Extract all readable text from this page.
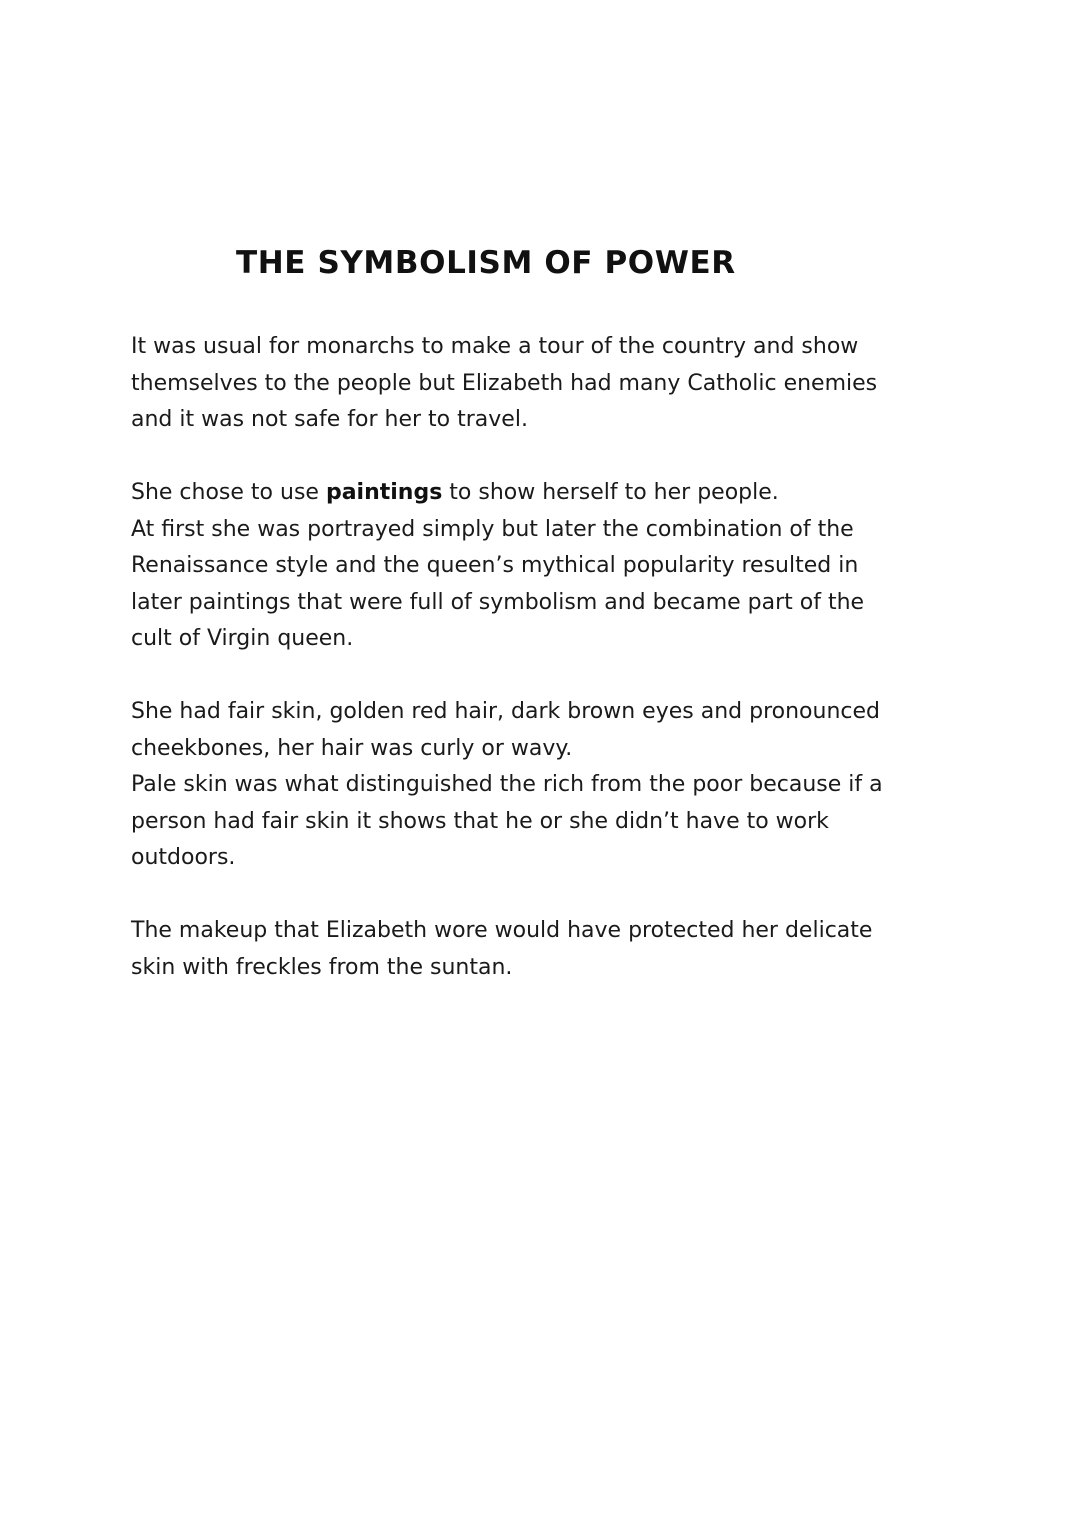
THE SYMBOLISM OF POWER

It was usual for monarchs to make a tour of the country and show
themselves to the people but Elizabeth had many Catholic enemies
and it was not safe for her to travel.

She chose to use paintings to show herself to her people.
At first she was portrayed simply but later the combination of the
Renaissance style and the queen’s mythical popularity resulted in
later paintings that were full of symbolism and became part of the
cult of Virgin queen.

She had fair skin, golden red hair, dark brown eyes and pronounced
cheekbones, her hair was curly or wavy.
Pale skin was what distinguished the rich from the poor because if a
person had fair skin it shows that he or she didn’t have to work
outdoors.

The makeup that Elizabeth wore would have protected her delicate
skin with freckles from the suntan.
